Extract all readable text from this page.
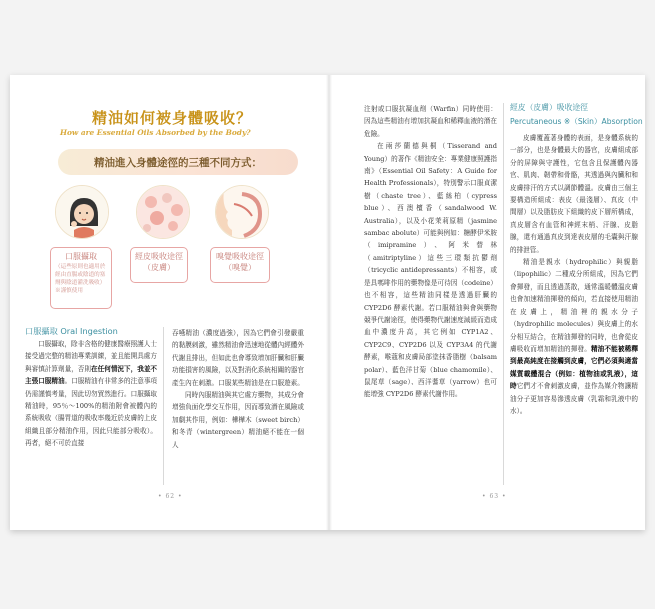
精油如何被身體吸收？
How are Essential Oils Absorbed by the Body?
精油進入身體途徑的三種不同方式：
口服攝取
（這些原則也適用於經由直腸或陰道的塞劑與陰道灌洗吸收）※謹慎使用
經皮吸收途徑（皮膚）
嗅覺吸收途徑（嗅覺）
口服攝取 Oral Ingestion

口服攝取，除非含格的健康醫療照護人士接受過完整的精油專業訓練，並且能開具處方與審慎計算劑量，否則在任何情況下，我並不主張口服精油。口服精油有非常多的注意事項仍需謹慎考量，因此切勿貿然進行。口服攝取精油時，95％～100%的精油附會被體內的系統吸收（腸胃道的吸收率幾近於皮膚的上皮組織且部分精油作用，因此只能部分吸收）。再者，絕不可於直接

吞嚥精油（濃度過強），因為它們會引發嚴重的黏膜刺激，雖然精油會迅速地從體內經體外代謝且排出，但如此也會導致增加肝臟和肝臟功能損害的風險，以及對消化系統相關的器官產生內在刺激。口服某些精油是在口服遊素。

同時內服精油與其它處方藥物，其成分會增強負面化學交互作用，因而導致潛在風險或加劇其作用，例如：樺樺木（sweet birch）和冬青（wintergreen）精油絕不能在一個人

• 62 •

注射或口服抗凝血劑（Warfin）同時使用：因為這些精油有增加抗凝血和稀釋血液的潛在危險。

在兩莎蘭德與桐（Tisserand and Young）的著作《精油安全：專業健康照護指南》（Essential Oil Safety：A Guide for Health Professionals），特別警示口服貞潔樹（chaste tree）、藍絲柏（cypress blue）、西澳檀香（sandalwood W. Australia），以及小花茉莉原精（jasmine sambac abolute）可能與例如：糖酵伊米胺（imipramine）、阿米替林（amitriptyline）這些三環類抗鬱劑（tricyclic antidepressants）不相容，或是具嗎啡作用的藥物像是可待因（codeine）也不相容，這些精油同樣是透過肝臟的 CYP2D6 酵素代謝。若口服精油與會與藥物競爭代謝途徑，使得藥物代謝速度減緩而造成血中濃度升高，其它例如 CYP1A2、CYP2C9、CYP2D6 以及 CYP3A4 的代謝酵素，喉蔻和皮膚局部塗抹香脂樹（balsam polar）、藍色洋甘菊（blue chamomile）、鼠尾草（sage）、西洋蓍草（yarrow）也可能增強 CYP2D6 酵素代謝作用。

經皮（皮膚）吸收途徑
Percutaneous ※（Skin）Absorption

皮膚覆蓋著身體的表面，是身體系統的一部分，也是身體最大的器官，皮膚組成部分的屏障與守護性，它包含且保護體內器官、肌肉、韌帶和骨骼，其透過與內臟和和皮膚排汗的方式以調節體溫。皮膚由三個主要構造所組成：表皮（最淺層）、真皮（中間層）以及脂肪皮下組織的皮下層所構成，真皮層含有血管和神經末梢、汗腺、皮脂腺，還有通過真皮到達表皮層的毛囊與汗腺的排泄管。

精油是親水（hydrophilic）與親脂（lipophilic）二種成分所組成，因為它們會揮發，而且透過蒸散，通常溫暖體溫皮膚也會加速精油揮發的傾向，若直接使用精油在皮膚上，精油裡的親水分子（hydrophilic molecules）與皮膚上的水分相互結合，在精油揮發的同時，也會從皮膚吸收而增加精油的揮發。精油不能被稀釋到最高純度在接觸到皮膚，它們必須與適當媒質載體混合（例如：植物油或乳液），這時它們才不會刺激皮膚，並作為媒介物讓精油分子更加容易滲透皮膚（乳霜和乳液中的水）。

• 63 •
